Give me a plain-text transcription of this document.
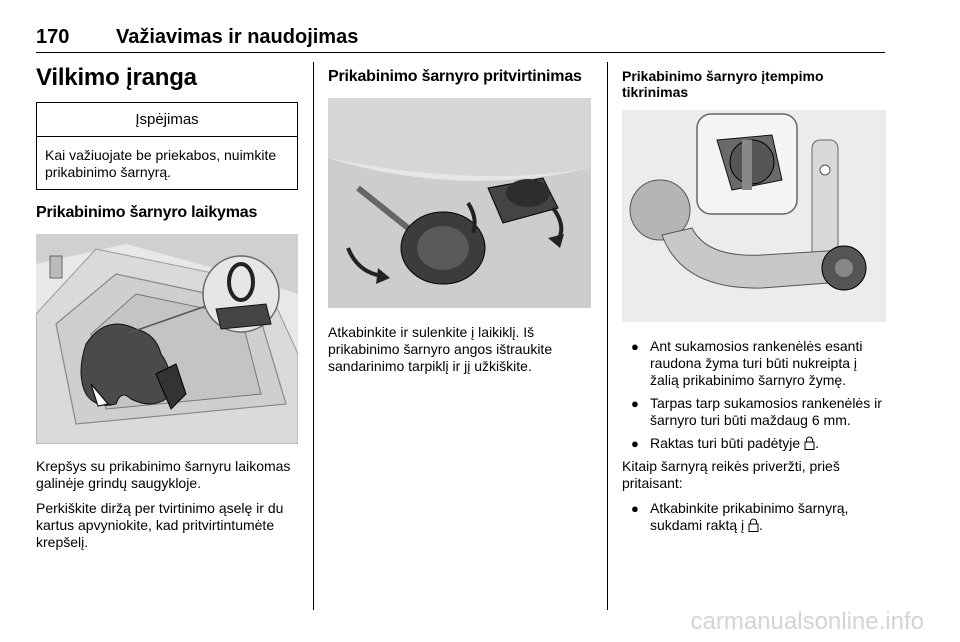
170 Važiavimas ir naudojimas
Vilkimo įranga
Įspėjimas
Kai važiuojate be priekabos, nuimkite prikabinimo šarnyrą.
Prikabinimo šarnyro laikymas

Krepšys su prikabinimo šarnyru laikomas galinėje grindų saugykloje.

Perkiškite diržą per tvirtinimo ąselę ir du kartus apvyniokite, kad pritvirtintumėte krepšelį.

Prikabinimo šarnyro pritvirtinimas

Atkabinkite ir sulenkite į laikiklį. Iš prikabinimo šarnyro angos ištraukite sandarinimo tarpiklį ir jį užkiškite.

Prikabinimo šarnyro įtempimo tikrinimas
● Ant sukamosios rankenėlės esanti raudona žyma turi būti nukreipta į žalią prikabinimo šarnyro žymę.
● Tarpas tarp sukamosios rankenėlės ir šarnyro turi būti maždaug 6 mm.
● Raktas turi būti padėtyje .

Kitaip šarnyrą reikės priveržti, prieš pritaisant:

● Atkabinkite prikabinimo šarnyrą, sukdami raktą į .
carmanualsonline.info
